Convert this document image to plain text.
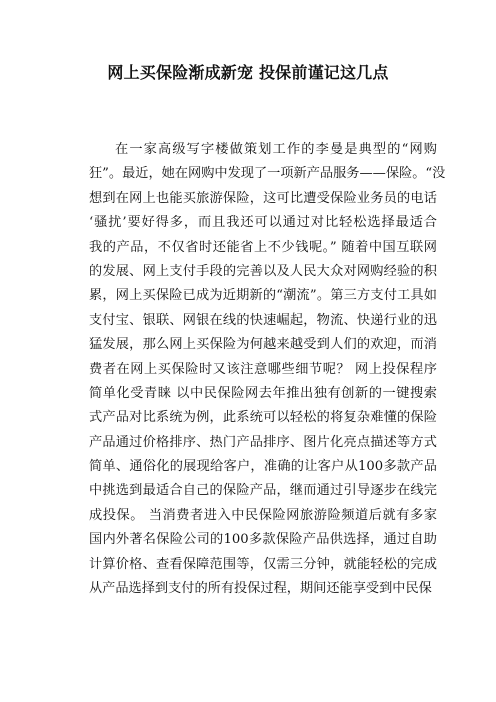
网上买保险渐成新宠 投保前谨记这几点
在一家高级写字楼做策划工作的李曼是典型的“网购
狂”。最近，她在网购中发现了一项新产品服务——保险。“没
想到在网上也能买旅游保险，这可比遭受保险业务员的电话
‘骚扰’要好得多，而且我还可以通过对比轻松选择最适合
我的产品，不仅省时还能省上不少钱呢。” 随着中国互联网
的发展、网上支付手段的完善以及人民大众对网购经验的积
累，网上买保险已成为近期新的“潮流”。第三方支付工具如
支付宝、银联、网银在线的快速崛起，物流、快递行业的迅
猛发展，那么网上买保险为何越来越受到人们的欢迎，而消
费者在网上买保险时又该注意哪些细节呢？ 网上投保程序
简单化受青睐 以中民保险网去年推出独有创新的一键搜索
式产品对比系统为例，此系统可以轻松的将复杂难懂的保险
产品通过价格排序、热门产品排序、图片化亮点描述等方式
简单、通俗化的展现给客户，准确的让客户从100多款产品
中挑选到最适合自己的保险产品，继而通过引导逐步在线完
成投保。 当消费者进入中民保险网旅游险频道后就有多家
国内外著名保险公司的100多款保险产品供选择，通过自助
计算价格、查看保障范围等，仅需三分钟，就能轻松的完成
从产品选择到支付的所有投保过程，期间还能享受到中民保
